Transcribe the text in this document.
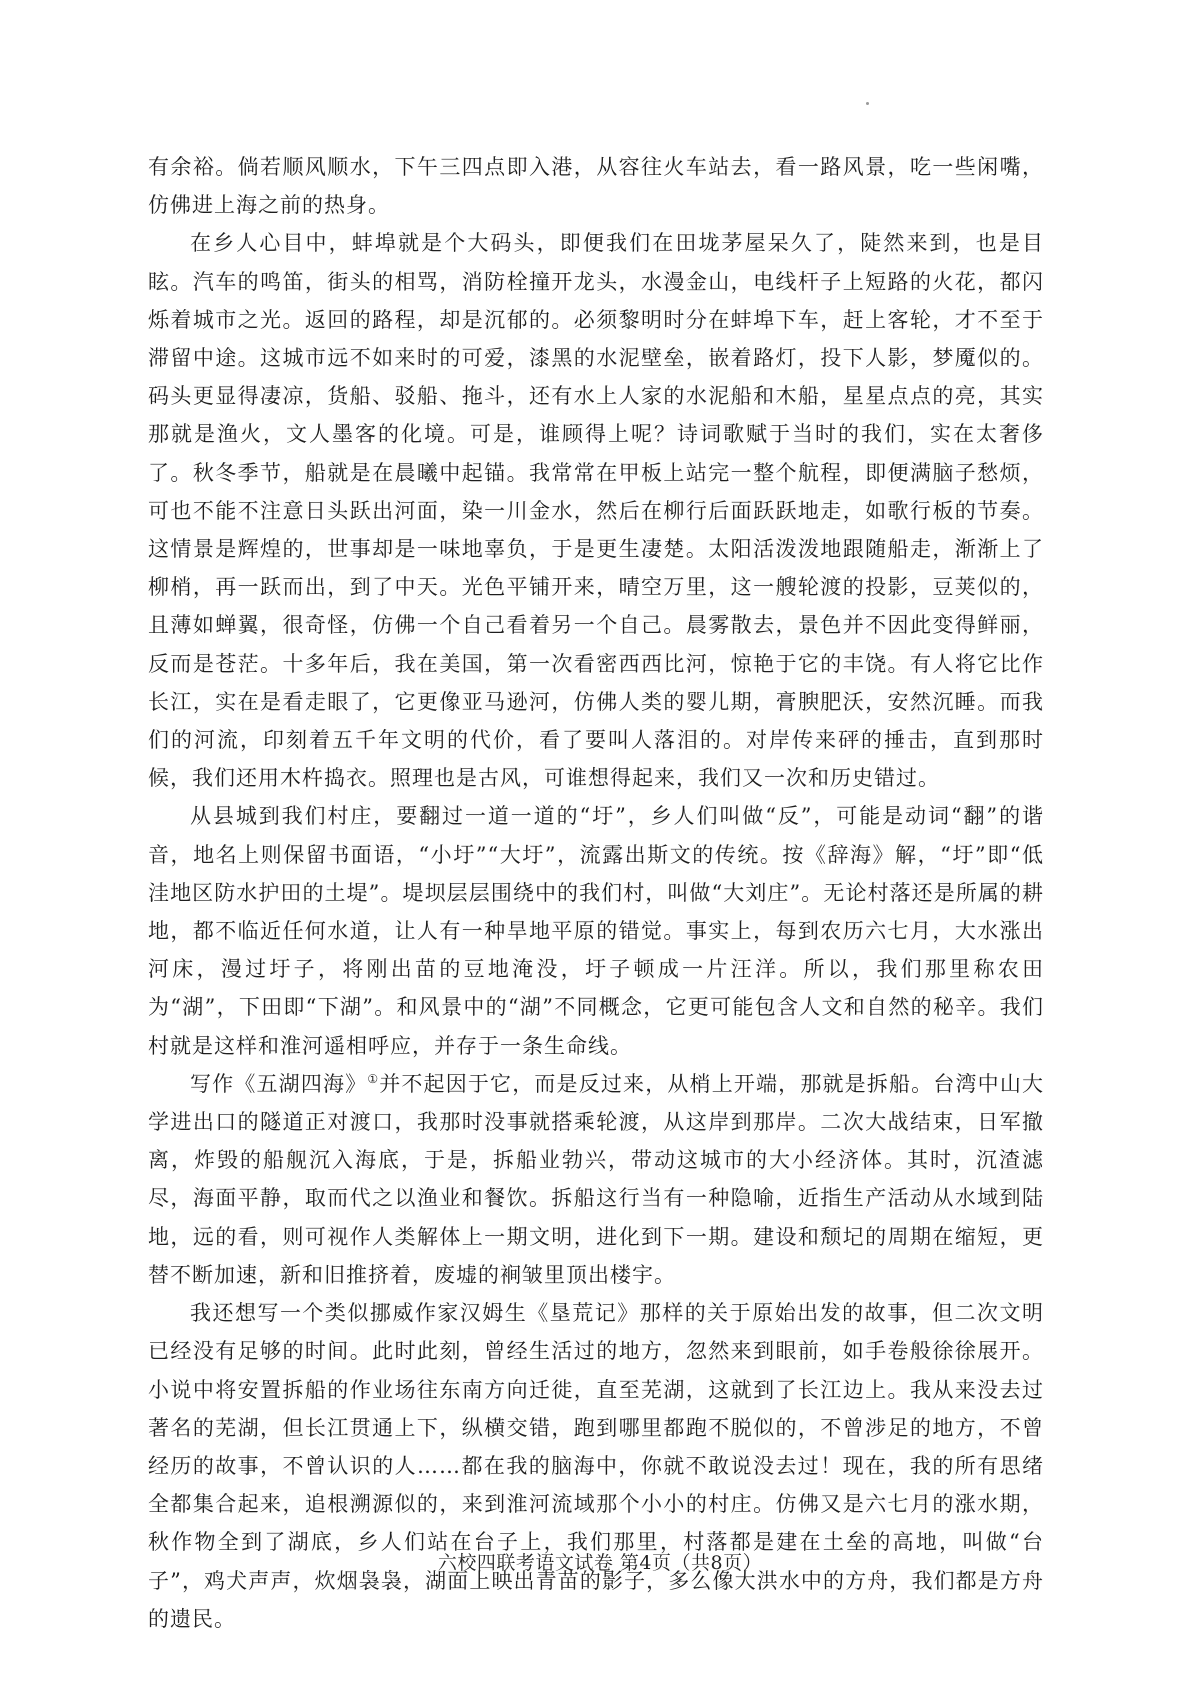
有余裕。倘若顺风顺水，下午三四点即入港，从容往火车站去，看一路风景，吃一些闲嘴，仿佛进上海之前的热身。

在乡人心目中，蚌埠就是个大码头，即便我们在田垅茅屋呆久了，陡然来到，也是目眩。汽车的鸣笛，街头的相骂，消防栓撞开龙头，水漫金山，电线杆子上短路的火花，都闪烁着城市之光。返回的路程，却是沉郁的。必须黎明时分在蚌埠下车，赶上客轮，才不至于滞留中途。这城市远不如来时的可爱，漆黑的水泥壁垒，嵌着路灯，投下人影，梦魇似的。码头更显得凄凉，货船、驳船、拖斗，还有水上人家的水泥船和木船，星星点点的亮，其实那就是渔火，文人墨客的化境。可是，谁顾得上呢？诗词歌赋于当时的我们，实在太奢侈了。秋冬季节，船就是在晨曦中起锚。我常常在甲板上站完一整个航程，即便满脑子愁烦，可也不能不注意日头跃出河面，染一川金水，然后在柳行后面跃跃地走，如歌行板的节奏。这情景是辉煌的，世事却是一味地辜负，于是更生凄楚。太阳活泼泼地跟随船走，渐渐上了柳梢，再一跃而出，到了中天。光色平铺开来，晴空万里，这一艘轮渡的投影，豆荚似的，且薄如蝉翼，很奇怪，仿佛一个自己看着另一个自己。晨雾散去，景色并不因此变得鲜丽，反而是苍茫。十多年后，我在美国，第一次看密西西比河，惊艳于它的丰饶。有人将它比作长江，实在是看走眼了，它更像亚马逊河，仿佛人类的婴儿期，膏腴肥沃，安然沉睡。而我们的河流，印刻着五千年文明的代价，看了要叫人落泪的。对岸传来砰的捶击，直到那时候，我们还用木杵捣衣。照理也是古风，可谁想得起来，我们又一次和历史错过。

从县城到我们村庄，要翻过一道一道的“圩”，乡人们叫做“反”，可能是动词“翻”的谐音，地名上则保留书面语，“小圩”“大圩”，流露出斯文的传统。按《辞海》解，“圩”即“低洼地区防水护田的土堤”。堤坝层层围绕中的我们村，叫做“大刘庄”。无论村落还是所属的耕地，都不临近任何水道，让人有一种旱地平原的错觉。事实上，每到农历六七月，大水涨出河床，漫过圩子，将刚出苗的豆地淹没，圩子顿成一片汪洋。所以，我们那里称农田为“湖”，下田即“下湖”。和风景中的“湖”不同概念，它更可能包含人文和自然的秘辛。我们村就是这样和淮河遥相呼应，并存于一条生命线。

写作《五湖四海》①并不起因于它，而是反过来，从梢上开端，那就是拆船。台湾中山大学进出口的隧道正对渡口，我那时没事就搭乘轮渡，从这岸到那岸。二次大战结束，日军撤离，炸毁的船舰沉入海底，于是，拆船业勃兴，带动这城市的大小经济体。其时，沉渣滤尽，海面平静，取而代之以渔业和餐饮。拆船这行当有一种隐喻，近指生产活动从水域到陆地，远的看，则可视作人类解体上一期文明，进化到下一期。建设和颓圮的周期在缩短，更替不断加速，新和旧推挤着，废墟的裥皱里顶出楼宇。

我还想写一个类似挪威作家汉姆生《垦荒记》那样的关于原始出发的故事，但二次文明已经没有足够的时间。此时此刻，曾经生活过的地方，忽然来到眼前，如手卷般徐徐展开。小说中将安置拆船的作业场往东南方向迁徙，直至芜湖，这就到了长江边上。我从来没去过著名的芜湖，但长江贯通上下，纵横交错，跑到哪里都跑不脱似的，不曾涉足的地方，不曾经历的故事，不曾认识的人……都在我的脑海中，你就不敢说没去过！现在，我的所有思绪全都集合起来，追根溯源似的，来到淮河流域那个小小的村庄。仿佛又是六七月的涨水期，秋作物全到了湖底，乡人们站在台子上，我们那里，村落都是建在土垒的高地，叫做“台子”，鸡犬声声，炊烟袅袅，湖面上映出青苗的影子，多么像大洪水中的方舟，我们都是方舟的遗民。

六校四联考语文试卷 第4页（共8页）
